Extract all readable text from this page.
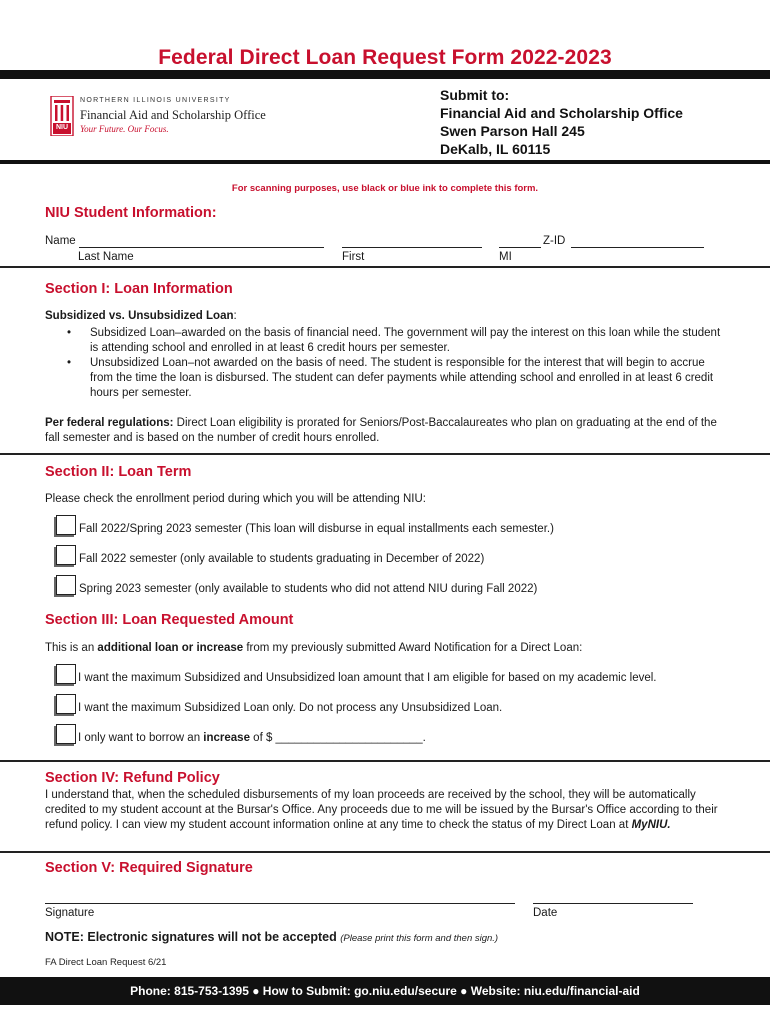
Federal Direct Loan Request Form 2022-2023
NIU
NORTHERN ILLINOIS UNIVERSITY
Financial Aid and Scholarship Office
Your Future. Our Focus.
Submit to:
Financial Aid and Scholarship Office
Swen Parson Hall 245
DeKalb, IL 60115
For scanning purposes, use black or blue ink to complete this form.
NIU Student Information:
Name	Z-ID
Last Name	First	MI
Section I: Loan Information
Subsidized vs. Unsubsidized Loan:
• Subsidized Loan–awarded on the basis of financial need. The government will pay the interest on this loan while the student is attending school and enrolled in at least 6 credit hours per semester.
• Unsubsidized Loan–not awarded on the basis of need. The student is responsible for the interest that will begin to accrue from the time the loan is disbursed. The student can defer payments while attending school and enrolled in at least 6 credit hours per semester.
Per federal regulations: Direct Loan eligibility is prorated for Seniors/Post-Baccalaureates who plan on graduating at the end of the fall semester and is based on the number of credit hours enrolled.
Section II: Loan Term
Please check the enrollment period during which you will be attending NIU:
Fall 2022/Spring 2023 semester (This loan will disburse in equal installments each semester.)
Fall 2022 semester (only available to students graduating in December of 2022)
Spring 2023 semester (only available to students who did not attend NIU during Fall 2022)
Section III: Loan Requested Amount
This is an additional loan or increase from my previously submitted Award Notification for a Direct Loan:
I want the maximum Subsidized and Unsubsidized loan amount that I am eligible for based on my academic level.
I want the maximum Subsidized Loan only. Do not process any Unsubsidized Loan.
I only want to borrow an increase of $ _______________________.
Section IV: Refund Policy
I understand that, when the scheduled disbursements of my loan proceeds are received by the school, they will be automatically credited to my student account at the Bursar's Office. Any proceeds due to me will be issued by the Bursar's Office according to their refund policy. I can view my student account information online at any time to check the status of my Direct Loan at MyNIU.
Section V: Required Signature
Signature	Date
NOTE: Electronic signatures will not be accepted (Please print this form and then sign.)
FA Direct Loan Request 6/21
Phone: 815-753-1395 ● How to Submit: go.niu.edu/secure ● Website: niu.edu/financial-aid
